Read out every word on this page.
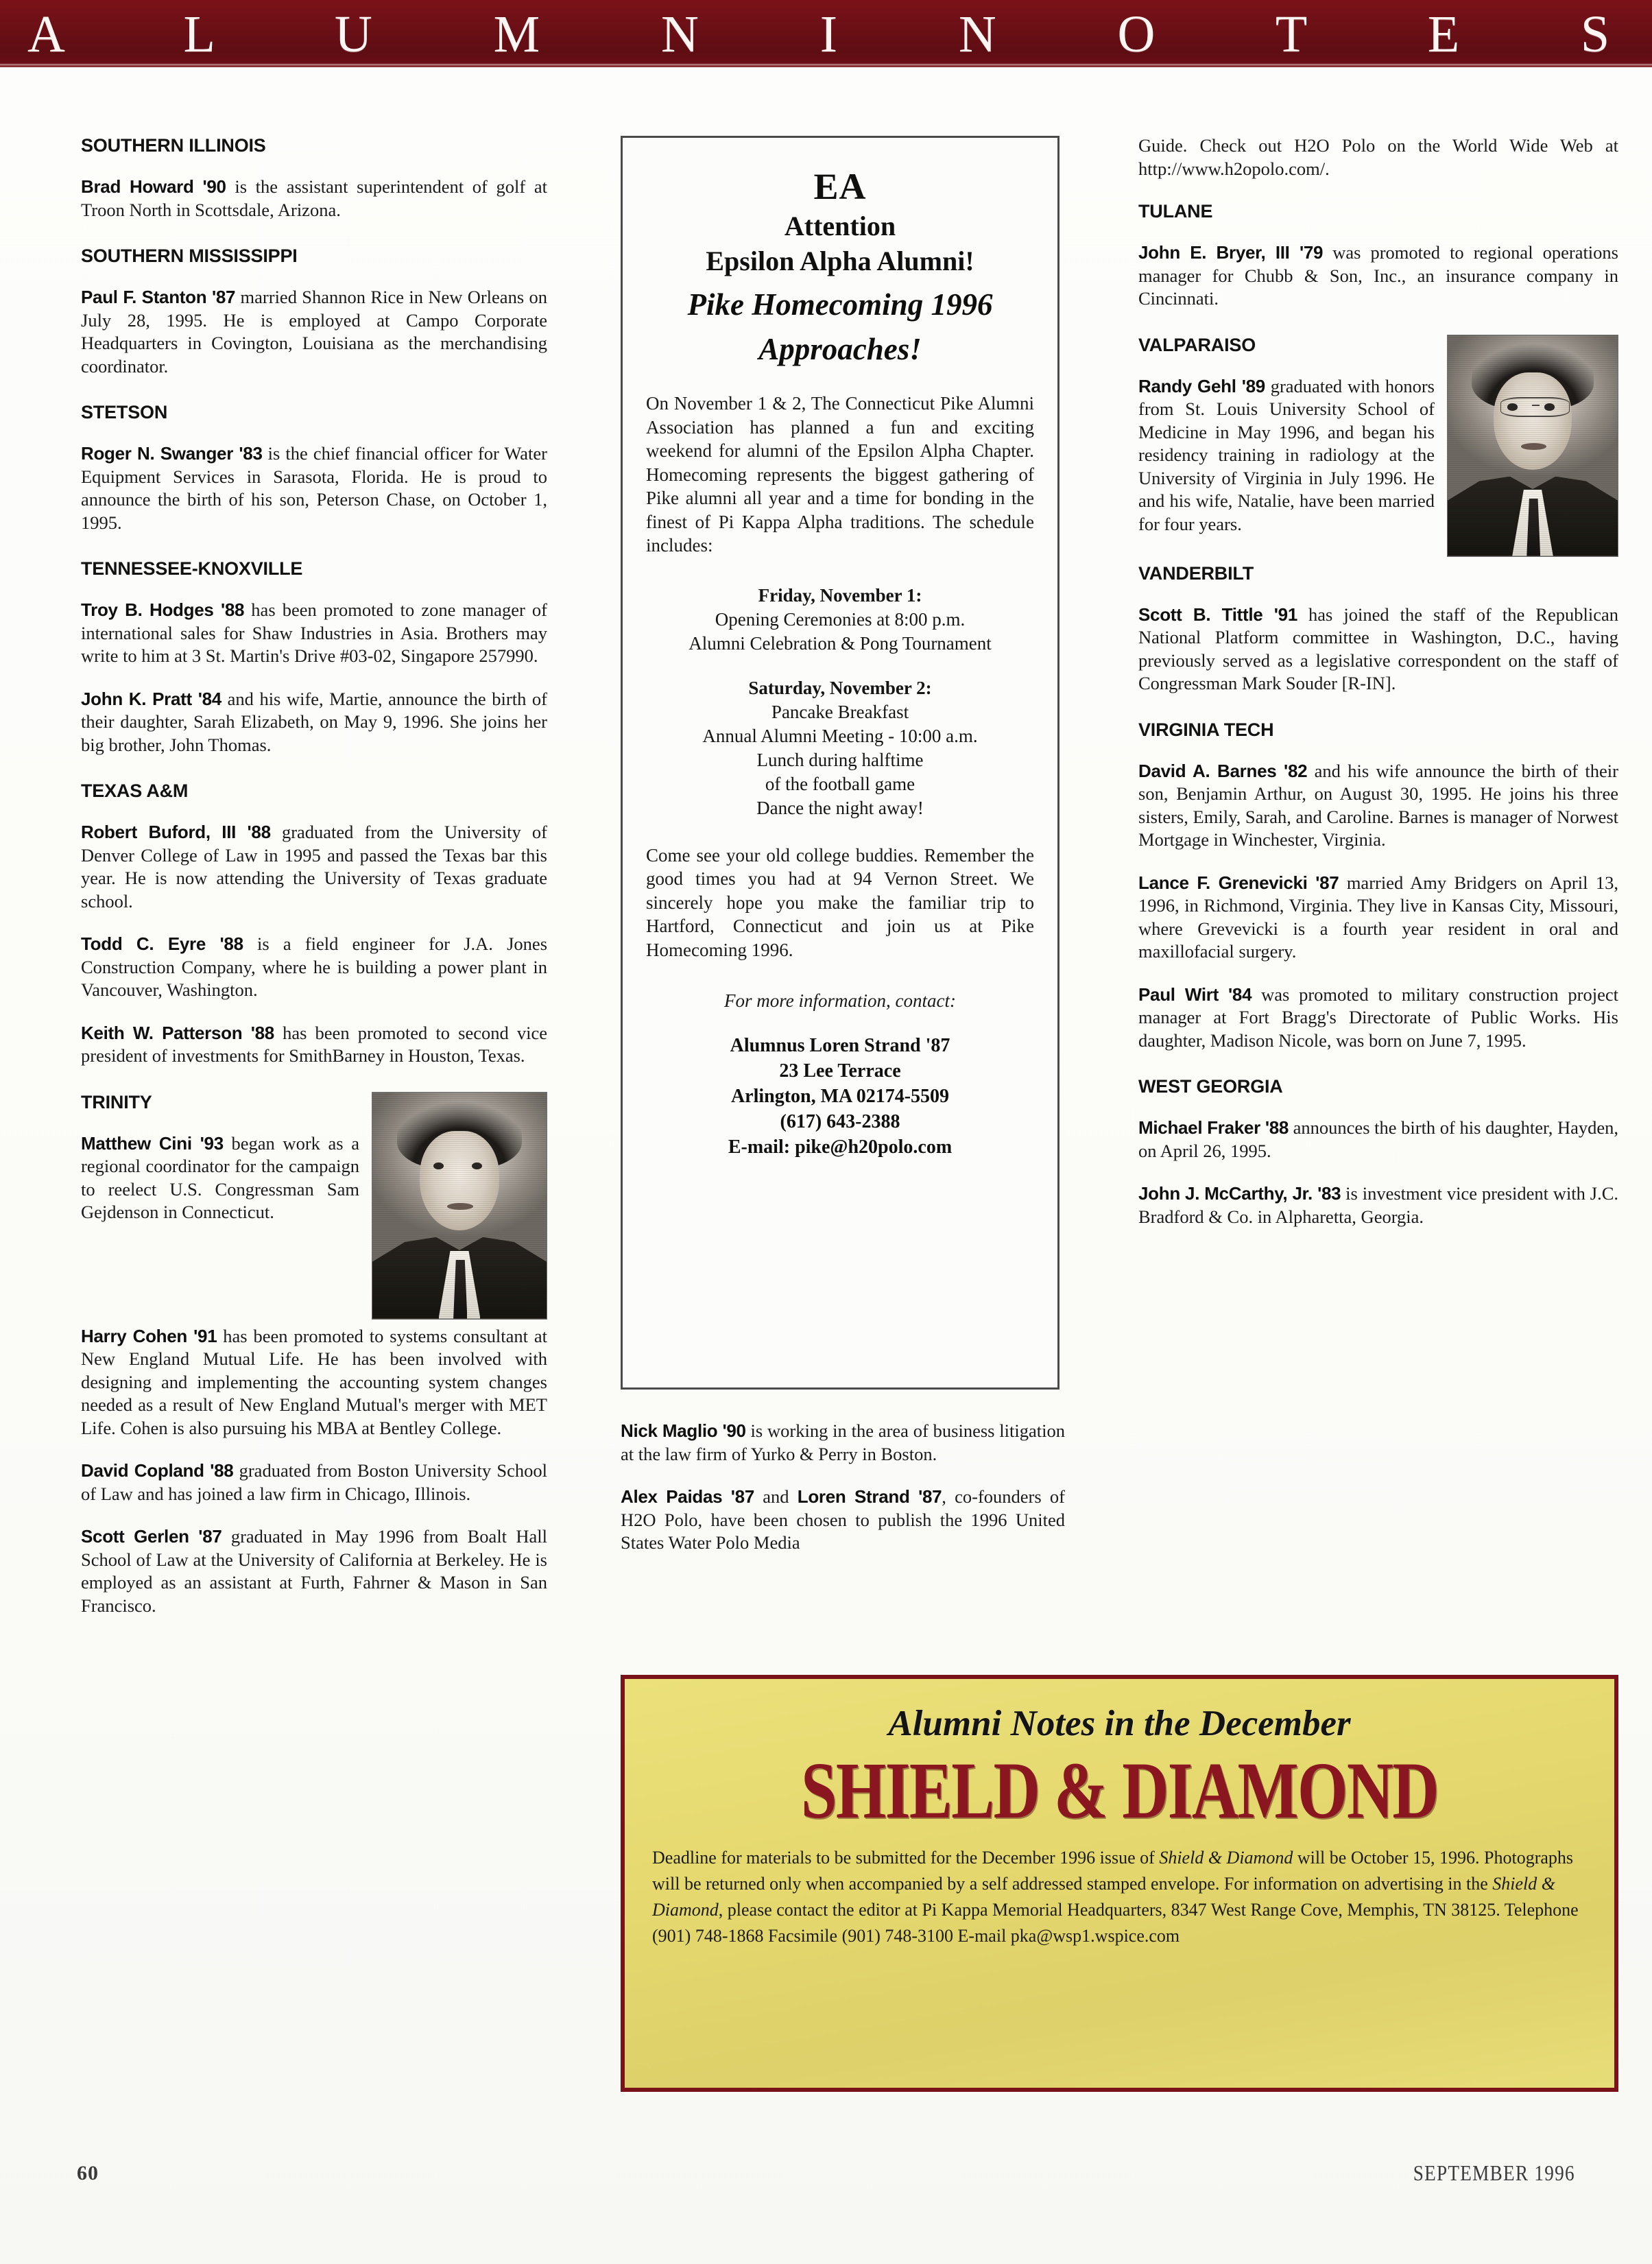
A L U M N I N O T E S
SOUTHERN ILLINOIS

Brad Howard '90 is the assistant superintendent of golf at Troon North in Scottsdale, Arizona.

SOUTHERN MISSISSIPPI

Paul F. Stanton '87 married Shannon Rice in New Orleans on July 28, 1995. He is employed at Campo Corporate Headquarters in Covington, Louisiana as the merchandising coordinator.

STETSON

Roger N. Swanger '83 is the chief financial officer for Water Equipment Services in Sarasota, Florida. He is proud to announce the birth of his son, Peterson Chase, on October 1, 1995.

TENNESSEE-KNOXVILLE

Troy B. Hodges '88 has been promoted to zone manager of international sales for Shaw Industries in Asia. Brothers may write to him at 3 St. Martin's Drive #03-02, Singapore 257990.

John K. Pratt '84 and his wife, Martie, announce the birth of their daughter, Sarah Elizabeth, on May 9, 1996. She joins her big brother, John Thomas.

TEXAS A&M

Robert Buford, III '88 graduated from the University of Denver College of Law in 1995 and passed the Texas bar this year. He is now attending the University of Texas graduate school.

Todd C. Eyre '88 is a field engineer for J.A. Jones Construction Company, where he is building a power plant in Vancouver, Washington.

Keith W. Patterson '88 has been promoted to second vice president of investments for SmithBarney in Houston, Texas.

TRINITY

Matthew Cini '93 began work as a regional coordinator for the campaign to reelect U.S. Congressman Sam Gejdenson in Connecticut.

Harry Cohen '91 has been promoted to systems consultant at New England Mutual Life. He has been involved with designing and implementing the accounting system changes needed as a result of New England Mutual's merger with MET Life. Cohen is also pursuing his MBA at Bentley College.

David Copland '88 graduated from Boston University School of Law and has joined a law firm in Chicago, Illinois.

Scott Gerlen '87 graduated in May 1996 from Boalt Hall School of Law at the University of California at Berkeley. He is employed as an assistant at Furth, Fahrner & Mason in San Francisco.

EA
Attention
Epsilon Alpha Alumni!
Pike Homecoming 1996
Approaches!

On November 1 & 2, The Connecticut Pike Alumni Association has planned a fun and exciting weekend for alumni of the Epsilon Alpha Chapter. Homecoming represents the biggest gathering of Pike alumni all year and a time for bonding in the finest of Pi Kappa Alpha traditions. The schedule includes:

Friday, November 1:
Opening Ceremonies at 8:00 p.m.
Alumni Celebration & Pong Tournament
Saturday, November 2:
Pancake Breakfast
Annual Alumni Meeting - 10:00 a.m.
Lunch during halftime
of the football game
Dance the night away!

Come see your old college buddies. Remember the good times you had at 94 Vernon Street. We sincerely hope you make the familiar trip to Hartford, Connecticut and join us at Pike Homecoming 1996.

For more information, contact:
Alumnus Loren Strand '87
23 Lee Terrace
Arlington, MA 02174-5509
(617) 643-2388
E-mail: pike@h20polo.com

Nick Maglio '90 is working in the area of business litigation at the law firm of Yurko & Perry in Boston.

Alex Paidas '87 and Loren Strand '87, co-founders of H2O Polo, have been chosen to publish the 1996 United States Water Polo Media

Guide. Check out H2O Polo on the World Wide Web at http://www.h2opolo.com/.

TULANE

John E. Bryer, III '79 was promoted to regional operations manager for Chubb & Son, Inc., an insurance company in Cincinnati.

VALPARAISO

Randy Gehl '89 graduated with honors from St. Louis University School of Medicine in May 1996, and began his residency training in radiology at the University of Virginia in July 1996. He and his wife, Natalie, have been married for four years.

VANDERBILT

Scott B. Tittle '91 has joined the staff of the Republican National Platform committee in Washington, D.C., having previously served as a legislative correspondent on the staff of Congressman Mark Souder [R-IN].

VIRGINIA TECH

David A. Barnes '82 and his wife announce the birth of their son, Benjamin Arthur, on August 30, 1995. He joins his three sisters, Emily, Sarah, and Caroline. Barnes is manager of Norwest Mortgage in Winchester, Virginia.

Lance F. Grenevicki '87 married Amy Bridgers on April 13, 1996, in Richmond, Virginia. They live in Kansas City, Missouri, where Grevevicki is a fourth year resident in oral and maxillofacial surgery.

Paul Wirt '84 was promoted to military construction project manager at Fort Bragg's Directorate of Public Works. His daughter, Madison Nicole, was born on June 7, 1995.

WEST GEORGIA

Michael Fraker '88 announces the birth of his daughter, Hayden, on April 26, 1995.

John J. McCarthy, Jr. '83 is investment vice president with J.C. Bradford & Co. in Alpharetta, Georgia.

Alumni Notes in the December
SHIELD & DIAMOND

Deadline for materials to be submitted for the December 1996 issue of Shield & Diamond will be October 15, 1996. Photographs will be returned only when accompanied by a self addressed stamped envelope. For information on advertising in the Shield & Diamond, please contact the editor at Pi Kappa Memorial Headquarters, 8347 West Range Cove, Memphis, TN 38125. Telephone (901) 748-1868 Facsimile (901) 748-3100 E-mail pka@wsp1.wspice.com

60	SEPTEMBER 1996
